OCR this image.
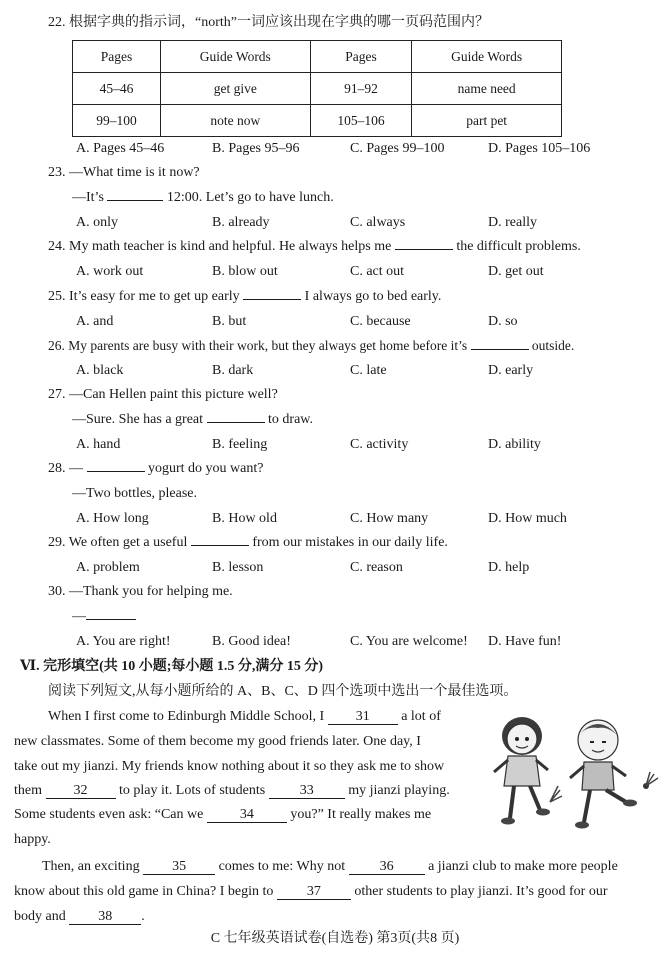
22. 根据字典的指示词，“north”一词应该出现在字典的哪一页码范围内？
Pages	Guide Words	Pages	Guide Words
45–46	get give	91–92	name need
99–100	note now	105–106	part pet
A. Pages 45–46	B. Pages 95–96	C. Pages 99–100	D. Pages 105–106
23. —What time is it now?
—It’s	12:00. Let’s go to have lunch.
A. only	B. already	C. always	D. really
24. My math teacher is kind and helpful. He always helps me	the difficult problems.
A. work out	B. blow out	C. act out	D. get out
25. It’s easy for me to get up early	I always go to bed early.
A. and	B. but	C. because	D. so
26. My parents are busy with their work, but they always get home before it’s	outside.
A. black	B. dark	C. late	D. early
27. —Can Hellen paint this picture well?
—Sure. She has a great	to draw.
A. hand	B. feeling	C. activity	D. ability
28. —	yogurt do you want?
—Two bottles, please.
A. How long	B. How old	C. How many	D. How much
29. We often get a useful	from our mistakes in our daily life.
A. problem	B. lesson	C. reason	D. help
30. —Thank you for helping me.
—
A. You are right!	B. Good idea!	C. You are welcome! D. Have fun!
Ⅵ. 完形填空(共 10 小题;每小题 1.5 分,满分 15 分)
阅读下列短文,从每小题所给的 A、B、C、D 四个选项中选出一个最佳选项。
When I first come to Edinburgh Middle School, I 31 a lot of
new classmates. Some of them become my good friends later. One day, I
take out my jianzi. My friends know nothing about it so they ask me to show
them 32 to play it. Lots of students 33 my jianzi playing.
Some students even ask: “Can we 34 you?” It really makes me
happy.
Then, an exciting 35 comes to me: Why not 36 a jianzi club to make more people
know about this old game in China? I begin to 37 other students to play jianzi. It’s good for our
body and 38 .
C 七年级英语试卷(自选卷) 第3页(共8 页)
